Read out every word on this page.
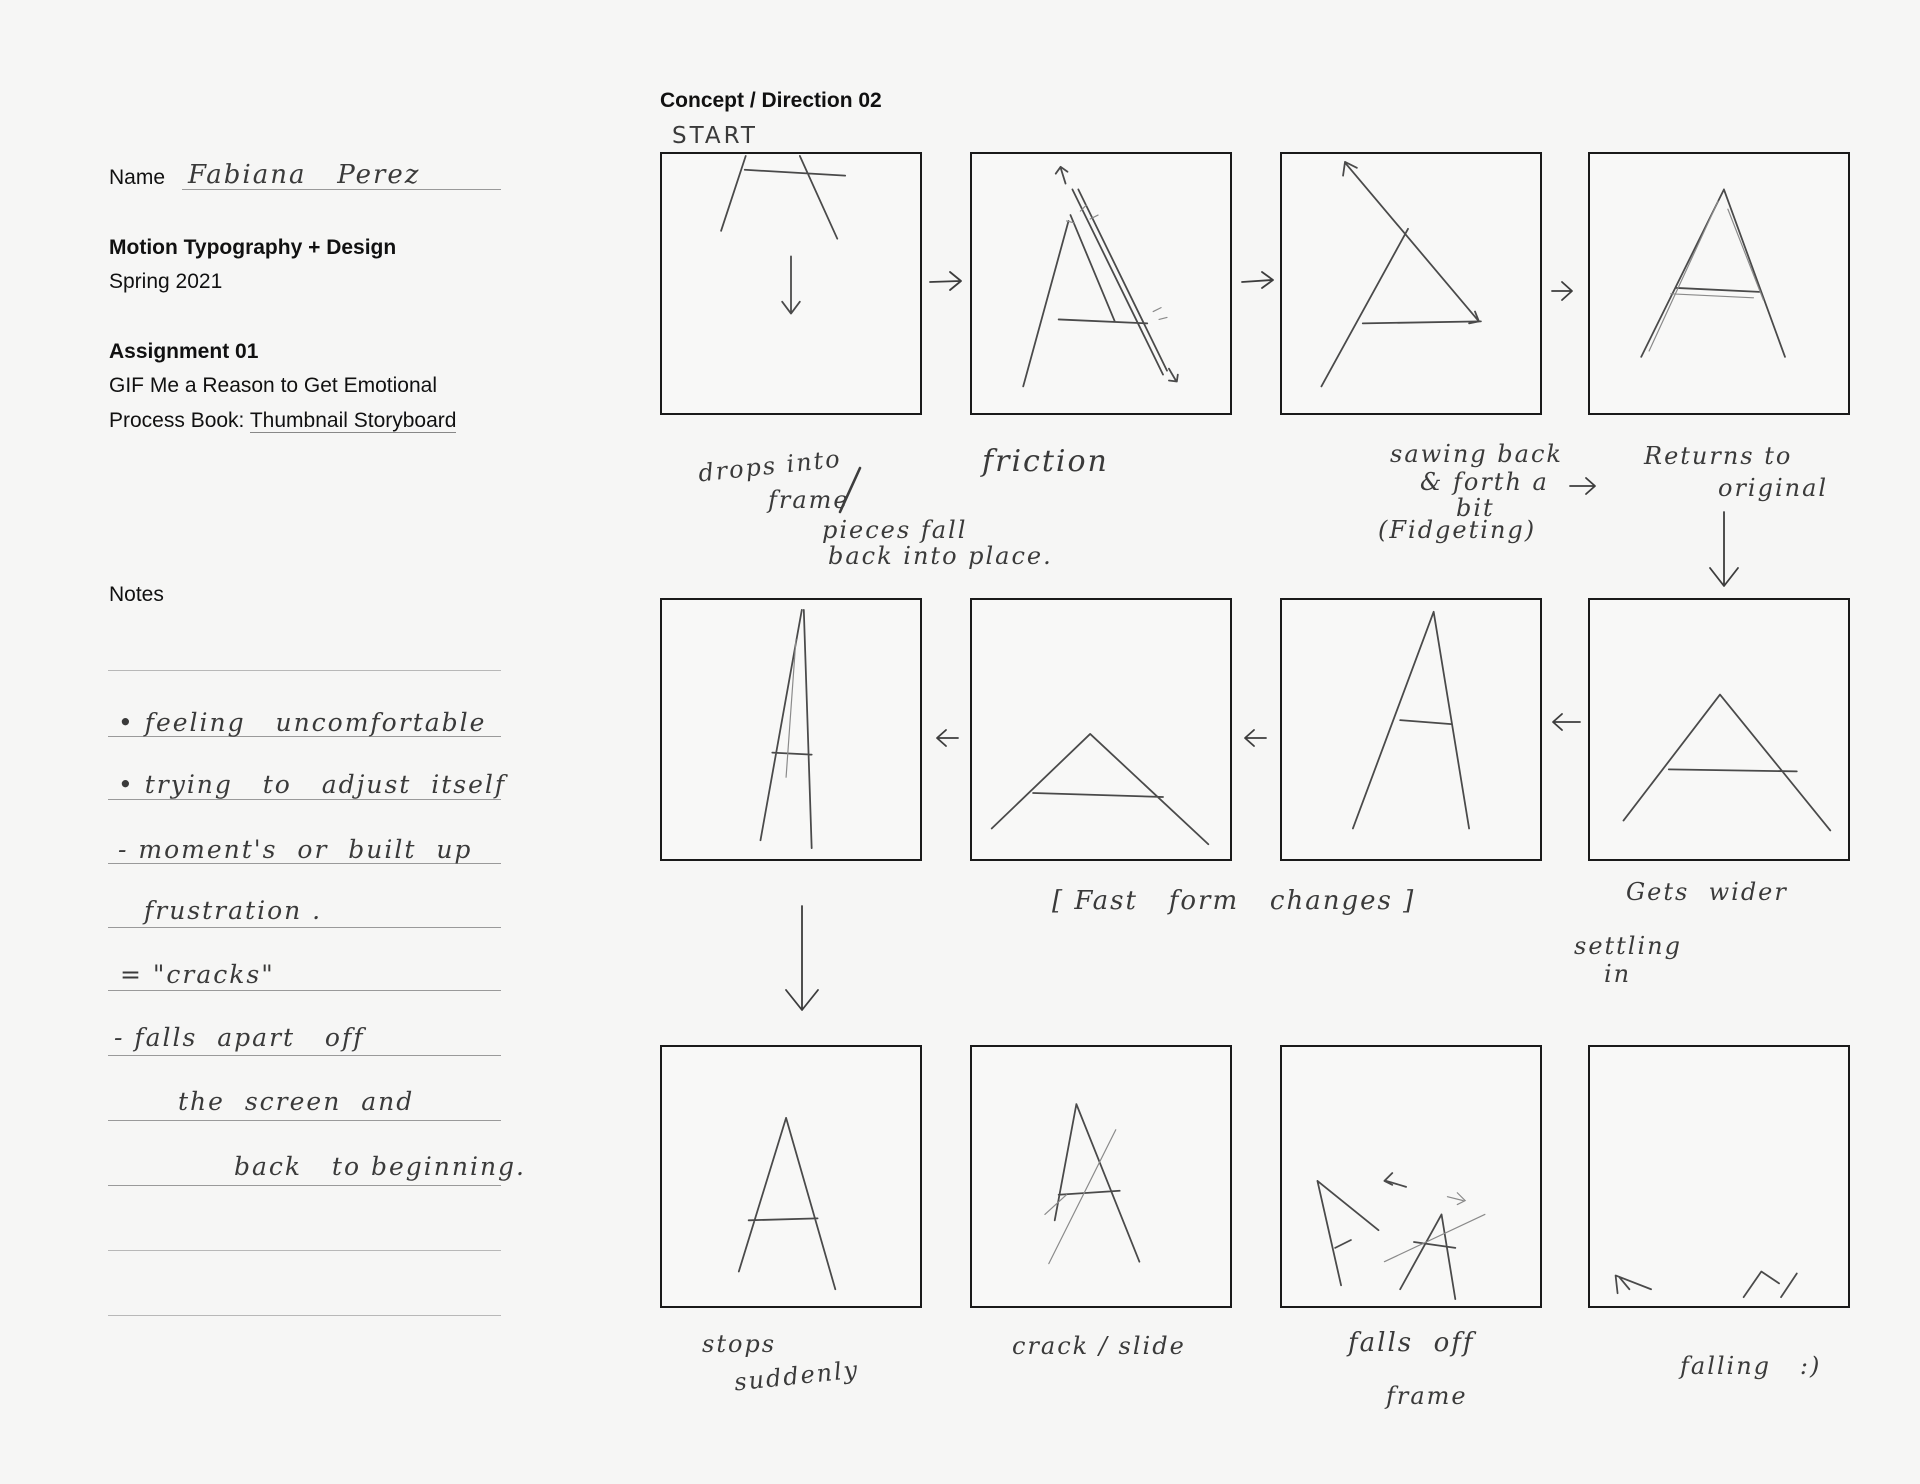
Name Fabiana   Perez
Motion Typography + Design
Spring 2021
Assignment 01
GIF Me a Reason to Get Emotional
Process Book: Thumbnail Storyboard
Notes
• feeling   uncomfortable
• trying   to   adjust  itself
- moment's  or  built  up
frustration .
= "cracks"
- falls  apart   off
the  screen  and
back   to beginning.
Concept / Direction 02
START
drops into
frame
pieces fall
back into place.
friction	sawing back
& forth a
bit
(Fidgeting)
Returns to
original
[ Fast   form   changes ]	Gets  wider
settling
in
stops
suddenly
crack / slide	falls  off
frame
falling   :)
